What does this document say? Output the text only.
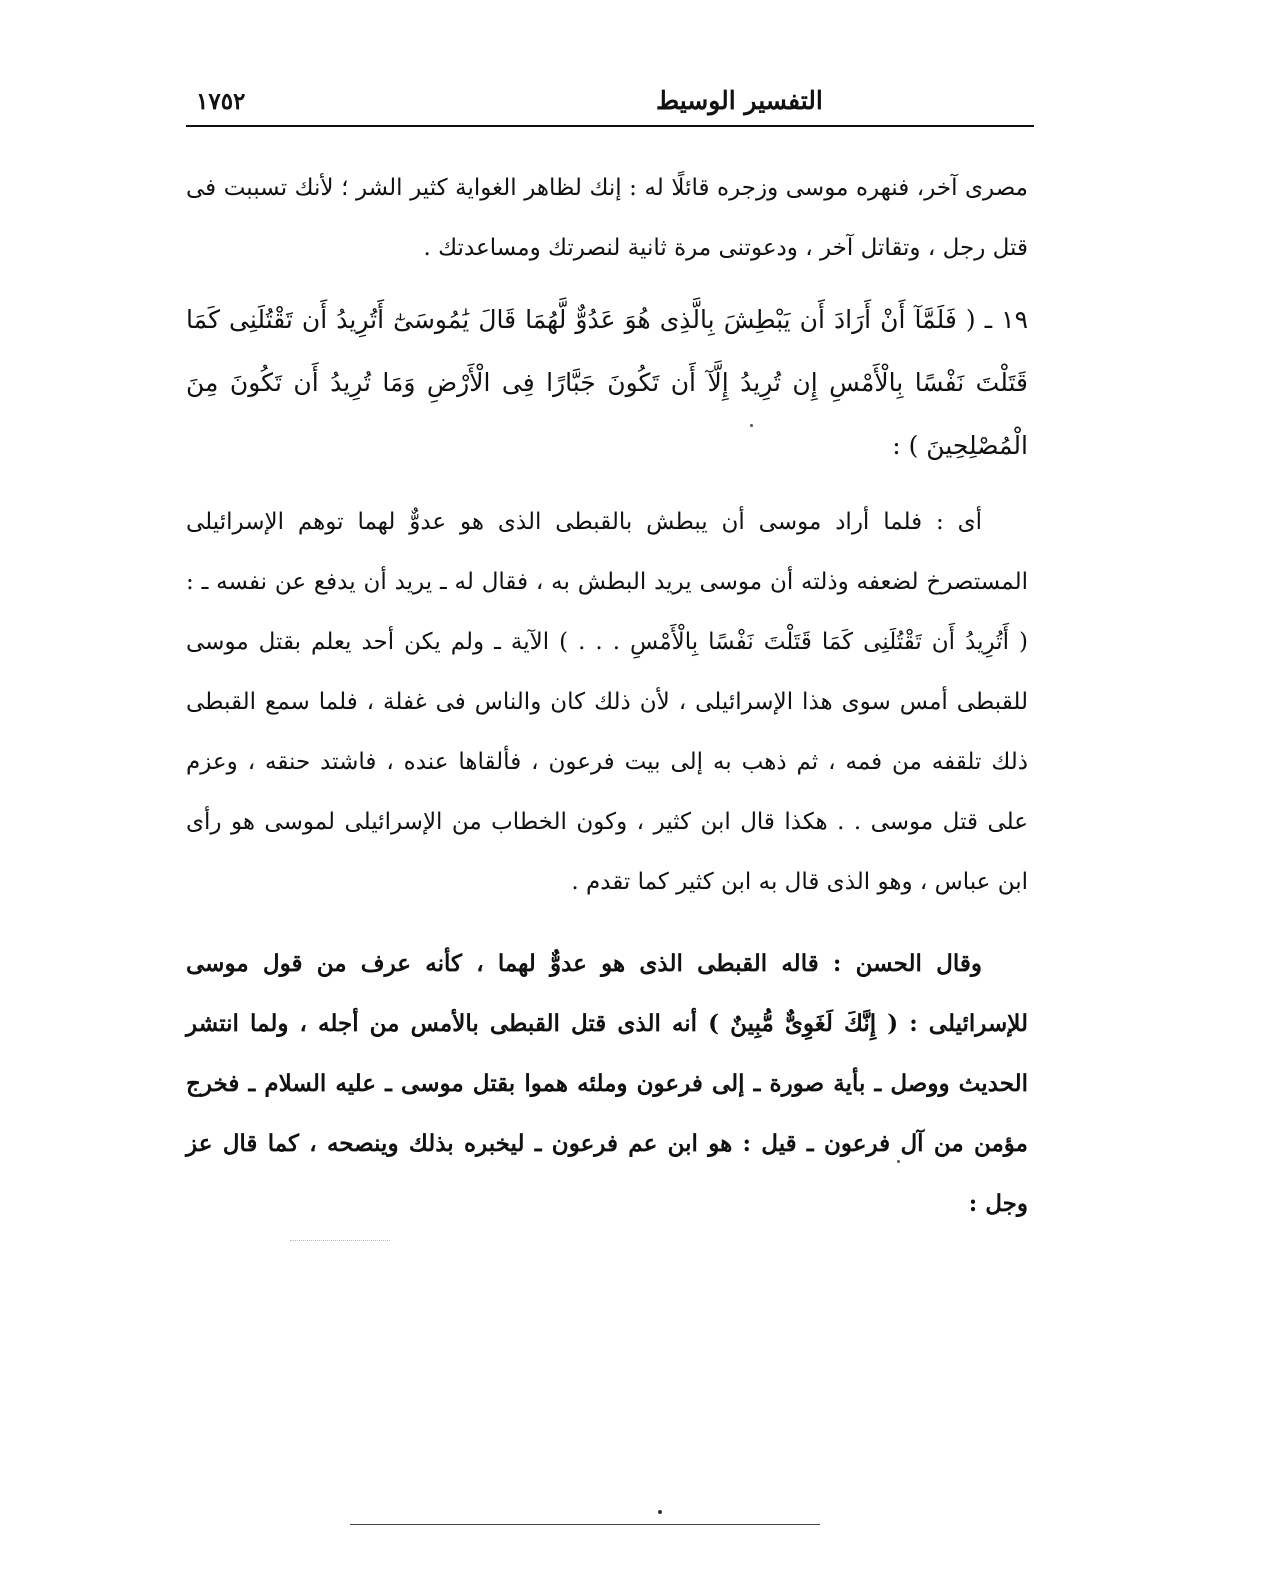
١٧٥٢	التفسير الوسيط
مصرى آخر، فنهره موسى وزجره قائلًا له : إنك لظاهر الغواية كثير الشر ؛ لأنك تسببت فى قتل رجل ، وتقاتل آخر ، ودعوتنى مرة ثانية لنصرتك ومساعدتك .
١٩ ـ ( فَلَمَّآ أَنْ أَرَادَ أَن يَبْطِشَ بِالَّذِى هُوَ عَدُوٌّ لَّهُمَا قَالَ يَٰمُوسَىٰٓ أَتُرِيدُ أَن تَقْتُلَنِى كَمَا قَتَلْتَ نَفْسًا بِالْأَمْسِ إِن تُرِيدُ إِلَّآ أَن تَكُونَ جَبَّارًا فِى الْأَرْضِ وَمَا تُرِيدُ أَن تَكُونَ مِنَ الْمُصْلِحِينَ ) :
أى : فلما أراد موسى أن يبطش بالقبطى الذى هو عدوٌّ لهما توهم الإسرائيلى المستصرخ لضعفه وذلته أن موسى يريد البطش به ، فقال له ـ يريد أن يدفع عن نفسه ـ : ( أَتُرِيدُ أَن تَقْتُلَنِى كَمَا قَتَلْتَ نَفْسًا بِالْأَمْسِ . . . ) الآية ـ ولم يكن أحد يعلم بقتل موسى للقبطى أمس سوى هذا الإسرائيلى ، لأن ذلك كان والناس فى غفلة ، فلما سمع القبطى ذلك تلقفه من فمه ، ثم ذهب به إلى بيت فرعون ، فألقاها عنده ، فاشتد حنقه ، وعزم على قتل موسى . . هكذا قال ابن كثير ، وكون الخطاب من الإسرائيلى لموسى هو رأى ابن عباس ، وهو الذى قال به ابن كثير كما تقدم .
وقال الحسن : قاله القبطى الذى هو عدوٌّ لهما ، كأنه عرف من قول موسى للإسرائيلى : ( إِنَّكَ لَغَوِىٌّ مُّبِينٌ ) أنه الذى قتل القبطى بالأمس من أجله ، ولما انتشر الحديث ووصل ـ بأية صورة ـ إلى فرعون وملئه هموا بقتل موسى ـ عليه السلام ـ فخرج مؤمن من آل فرعون ـ قيل : هو ابن عم فرعون ـ ليخبره بذلك وينصحه ، كما قال عز وجل :
